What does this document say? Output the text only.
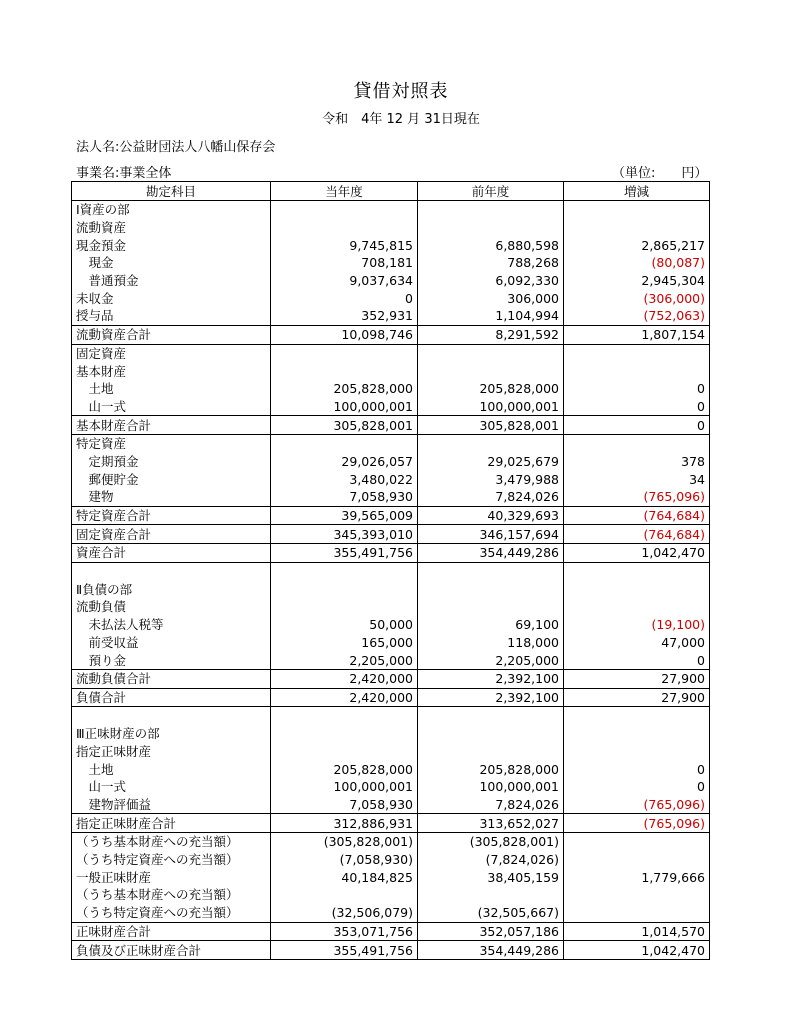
貸借対照表
令和　4年 12 月 31日現在
法人名:公益財団法人八幡山保存会
事業名:事業全体	（単位:　　円）
勘定科目	当年度	前年度	増減
Ⅰ資産の部			
流動資産			
現金預金	9,745,815	6,880,598	2,865,217
　現金	708,181	788,268	(80,087)
　普通預金	9,037,634	6,092,330	2,945,304
未収金	0	306,000	(306,000)
授与品	352,931	1,104,994	(752,063)
流動資産合計	10,098,746	8,291,592	1,807,154
固定資産			
基本財産			
　土地	205,828,000	205,828,000	0
　山一式	100,000,001	100,000,001	0
基本財産合計	305,828,001	305,828,001	0
特定資産			
　定期預金	29,026,057	29,025,679	378
　郵便貯金	3,480,022	3,479,988	34
　建物	7,058,930	7,824,026	(765,096)
特定資産合計	39,565,009	40,329,693	(764,684)
固定資産合計	345,393,010	346,157,694	(764,684)
資産合計	355,491,756	354,449,286	1,042,470

Ⅱ負債の部			
流動負債			
　未払法人税等	50,000	69,100	(19,100)
　前受収益	165,000	118,000	47,000
　預り金	2,205,000	2,205,000	0
流動負債合計	2,420,000	2,392,100	27,900
負債合計	2,420,000	2,392,100	27,900

Ⅲ正味財産の部			
指定正味財産			
　土地	205,828,000	205,828,000	0
　山一式	100,000,001	100,000,001	0
　建物評価益	7,058,930	7,824,026	(765,096)
指定正味財産合計	312,886,931	313,652,027	(765,096)
（うち基本財産への充当額）	(305,828,001)	(305,828,001)	
（うち特定資産への充当額）	(7,058,930)	(7,824,026)	
一般正味財産	40,184,825	38,405,159	1,779,666
（うち基本財産への充当額）			
（うち特定資産への充当額）	(32,506,079)	(32,505,667)	
正味財産合計	353,071,756	352,057,186	1,014,570
負債及び正味財産合計	355,491,756	354,449,286	1,042,470
